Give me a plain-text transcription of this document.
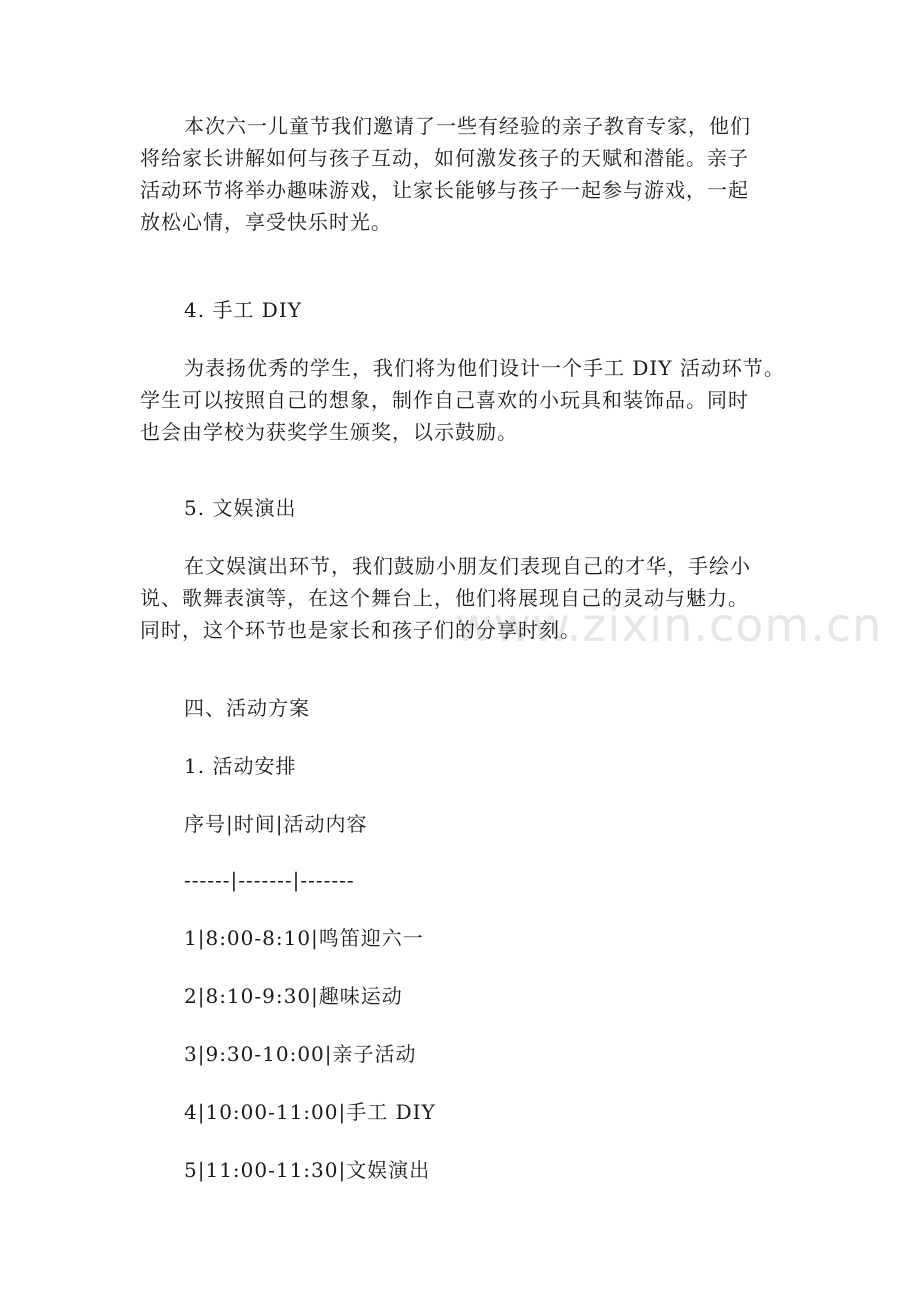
www.zixin.com.cn

本次六一儿童节我们邀请了一些有经验的亲子教育专家，他们
将给家长讲解如何与孩子互动，如何激发孩子的天赋和潜能。亲子
活动环节将举办趣味游戏，让家长能够与孩子一起参与游戏，一起
放松心情，享受快乐时光。

4. 手工 DIY

为表扬优秀的学生，我们将为他们设计一个手工 DIY 活动环节。
学生可以按照自己的想象，制作自己喜欢的小玩具和装饰品。同时
也会由学校为获奖学生颁奖，以示鼓励。

5. 文娱演出

在文娱演出环节，我们鼓励小朋友们表现自己的才华，手绘小
说、歌舞表演等，在这个舞台上，他们将展现自己的灵动与魅力。
同时，这个环节也是家长和孩子们的分享时刻。

四、活动方案

1. 活动安排

序号|时间|活动内容

------|-------|-------

1|8:00-8:10|鸣笛迎六一

2|8:10-9:30|趣味运动

3|9:30-10:00|亲子活动

4|10:00-11:00|手工 DIY

5|11:00-11:30|文娱演出
